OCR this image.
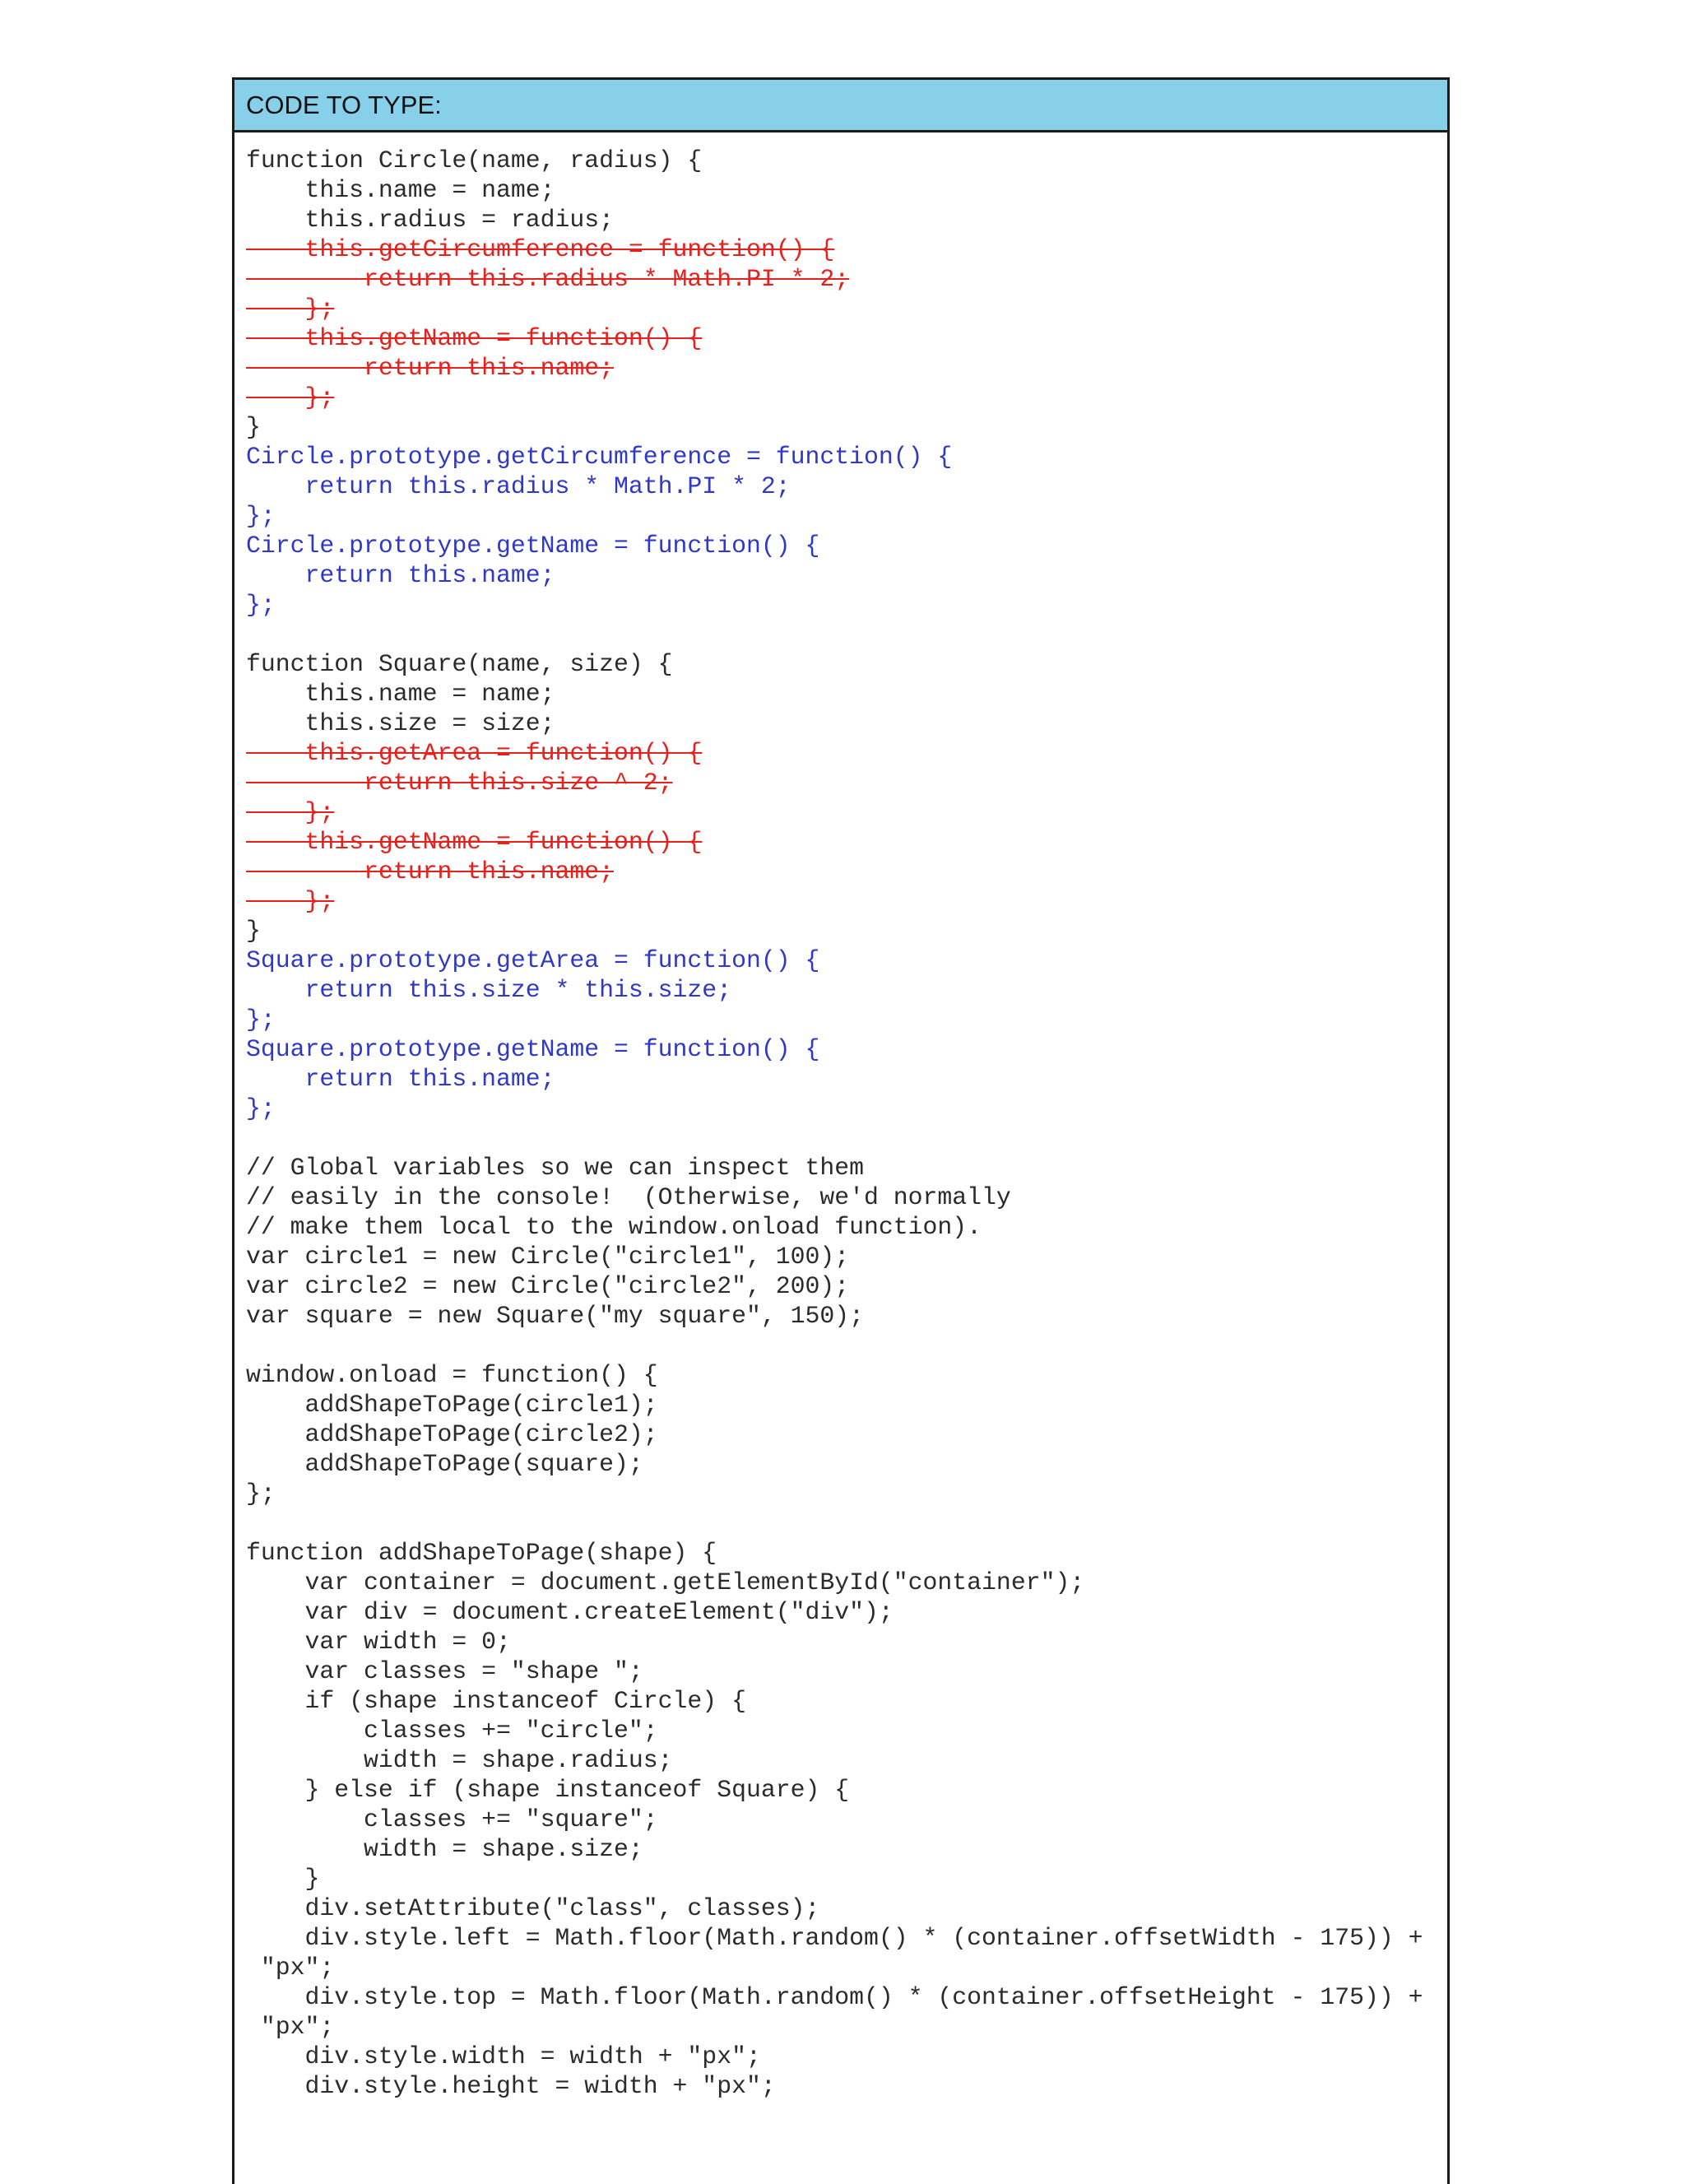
CODE TO TYPE:
function Circle(name, radius) {
this.name = name;
this.radius = radius;
this.getCircumference = function() {
return this.radius * Math.PI * 2;
};
this.getName = function() {
return this.name;
};
}
Circle.prototype.getCircumference = function() {
return this.radius * Math.PI * 2;
};
Circle.prototype.getName = function() {
return this.name;
};
function Square(name, size) {
this.name = name;
this.size = size;
this.getArea = function() {
return this.size ^ 2;
};
this.getName = function() {
return this.name;
};
}
Square.prototype.getArea = function() {
return this.size * this.size;
};
Square.prototype.getName = function() {
return this.name;
};
// Global variables so we can inspect them
// easily in the console!  (Otherwise, we'd normally
// make them local to the window.onload function).
var circle1 = new Circle("circle1", 100);
var circle2 = new Circle("circle2", 200);
var square = new Square("my square", 150);
window.onload = function() {
addShapeToPage(circle1);
addShapeToPage(circle2);
addShapeToPage(square);
};
function addShapeToPage(shape) {
var container = document.getElementById("container");
var div = document.createElement("div");
var width = 0;
var classes = "shape ";
if (shape instanceof Circle) {
classes += "circle";
width = shape.radius;
} else if (shape instanceof Square) {
classes += "square";
width = shape.size;
}
div.setAttribute("class", classes);
div.style.left = Math.floor(Math.random() * (container.offsetWidth - 175)) +
"px";
div.style.top = Math.floor(Math.random() * (container.offsetHeight - 175)) +
"px";
div.style.width = width + "px";
div.style.height = width + "px";
